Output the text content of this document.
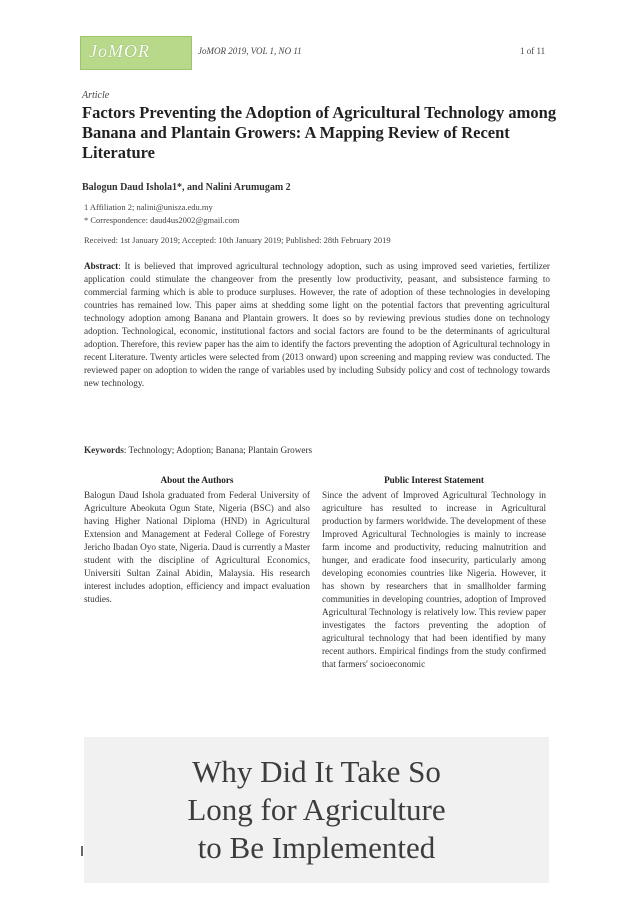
JoMOR	JoMOR 2019, VOL 1, NO 11	1 of 11
Article
Factors Preventing the Adoption of Agricultural Technology among Banana and Plantain Growers: A Mapping Review of Recent Literature
Balogun Daud Ishola1*, and Nalini Arumugam 2
1 Affiliation 2; nalini@unisza.edu.my
* Correspondence: daud4us2002@gmail.com
Received: 1st January 2019; Accepted: 10th January 2019; Published: 28th February 2019
Abstract: It is believed that improved agricultural technology adoption, such as using improved seed varieties, fertilizer application could stimulate the changeover from the presently low productivity, peasant, and subsistence farming to commercial farming which is able to produce surpluses. However, the rate of adoption of these technologies in developing countries has remained low. This paper aims at shedding some light on the potential factors that preventing agricultural technology adoption among Banana and Plantain growers. It does so by reviewing previous studies done on technology adoption. Technological, economic, institutional factors and social factors are found to be the determinants of agricultural adoption. Therefore, this review paper has the aim to identify the factors preventing the adoption of Agricultural technology in recent Literature. Twenty articles were selected from (2013 onward) upon screening and mapping review was conducted. The reviewed paper on adoption to widen the range of variables used by including Subsidy policy and cost of technology towards new technology.
Keywords: Technology; Adoption; Banana; Plantain Growers
About the Authors
Balogun Daud Ishola graduated from Federal University of Agriculture Abeokuta Ogun State, Nigeria (BSC) and also having Higher National Diploma (HND) in Agricultural Extension and Management at Federal College of Forestry Jericho Ibadan Oyo state, Nigeria. Daud is currently a Master student with the discipline of Agricultural Economics, Universiti Sultan Zainal Abidin, Malaysia. His research interest includes adoption, efficiency and impact evaluation studies.
Public Interest Statement
Since the advent of Improved Agricultural Technology in agriculture has resulted to increase in Agricultural production by farmers worldwide. The development of these Improved Agricultural Technologies is mainly to increase farm income and productivity, reducing malnutrition and hunger, and eradicate food insecurity, particularly among developing economies countries like Nigeria. However, it has shown by researchers that in smallholder farming communities in developing countries, adoption of Improved Agricultural Technology is relatively low. This review paper investigates the factors preventing the adoption of agricultural technology that had been identified by many recent authors. Empirical findings from the study confirmed that farmers' socioeconomic
Why Did It Take So
Long for Agriculture
to Be Implemented
